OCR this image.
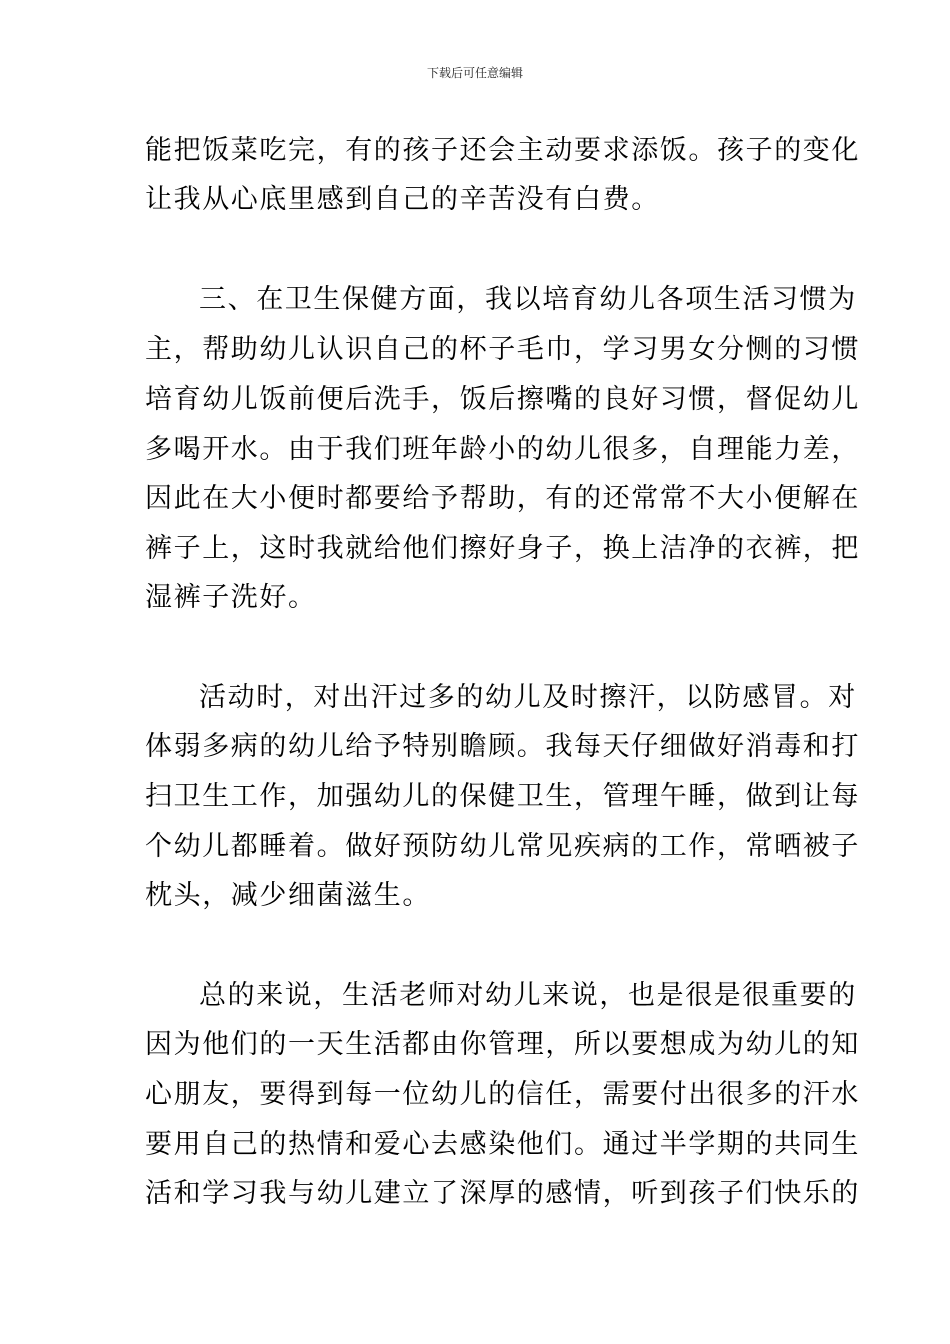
下载后可任意编辑
能把饭菜吃完，有的孩子还会主动要求添饭。孩子的变化
让我从心底里感到自己的辛苦没有白费。
三、在卫生保健方面，我以培育幼儿各项生活习惯为
主，帮助幼儿认识自己的杯子毛巾，学习男女分恻的习惯
培育幼儿饭前便后洗手，饭后擦嘴的良好习惯，督促幼儿
多喝开水。由于我们班年龄小的幼儿很多，自理能力差，
因此在大小便时都要给予帮助，有的还常常不大小便解在
裤子上，这时我就给他们擦好身子，换上洁净的衣裤，把
湿裤子洗好。
活动时，对出汗过多的幼儿及时擦汗，以防感冒。对
体弱多病的幼儿给予特别瞻顾。我每天仔细做好消毒和打
扫卫生工作，加强幼儿的保健卫生，管理午睡，做到让每
个幼儿都睡着。做好预防幼儿常见疾病的工作，常晒被子
枕头，减少细菌滋生。
总的来说，生活老师对幼儿来说，也是很是很重要的
因为他们的一天生活都由你管理，所以要想成为幼儿的知
心朋友，要得到每一位幼儿的信任，需要付出很多的汗水
要用自己的热情和爱心去感染他们。通过半学期的共同生
活和学习我与幼儿建立了深厚的感情，听到孩子们快乐的
